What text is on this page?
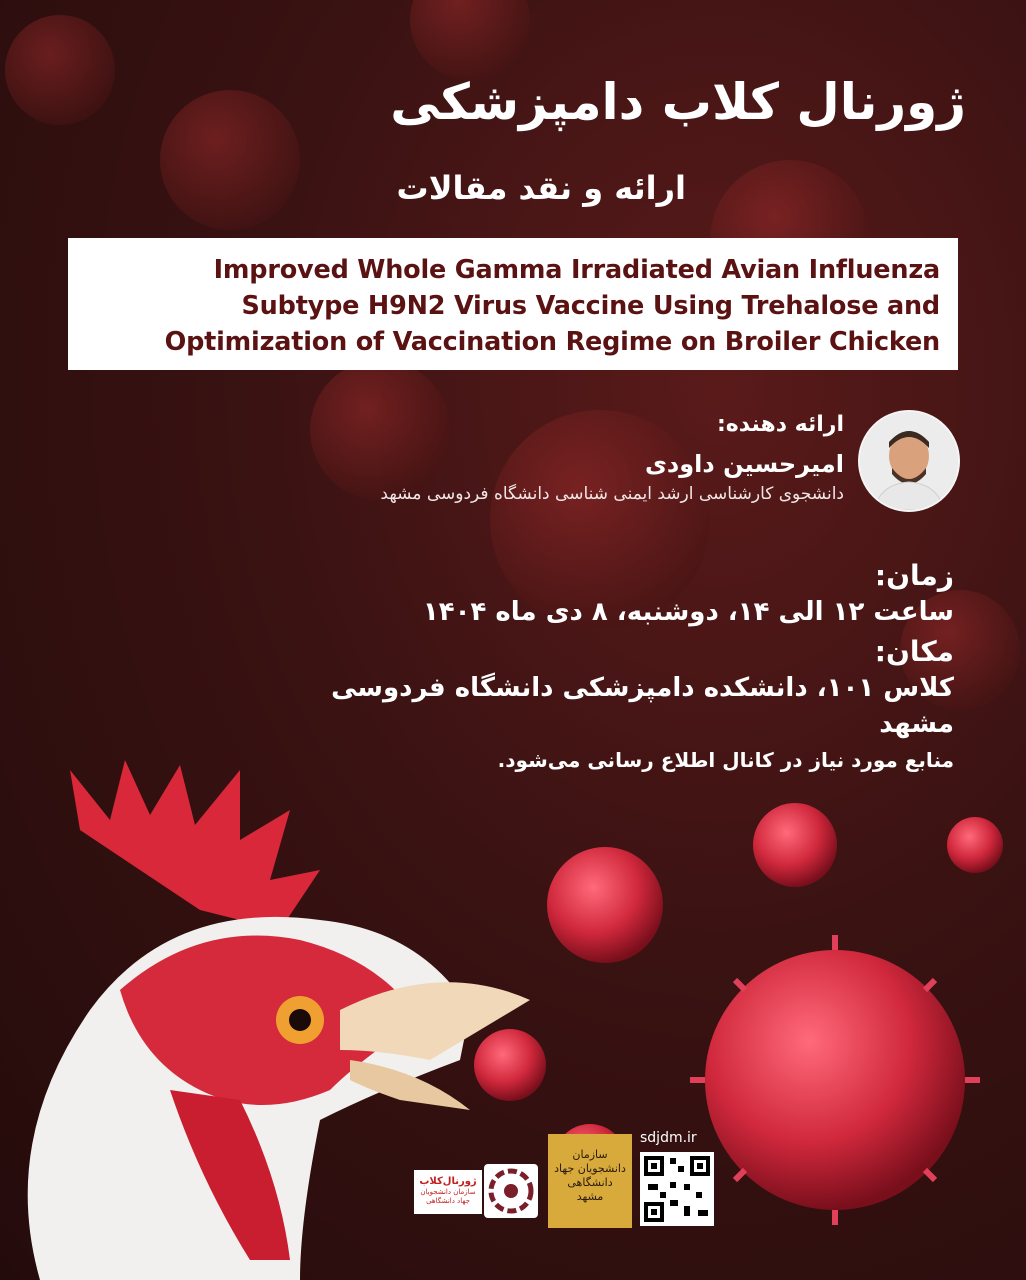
ژورنال کلاب دامپزشکی
ارائه و نقد مقالات
Improved Whole Gamma Irradiated Avian Influenza
Subtype H9N2 Virus Vaccine Using Trehalose and
Optimization of Vaccination Regime on Broiler Chicken
ارائه دهنده:
امیرحسین داودی
دانشجوی کارشناسی ارشد ایمنی شناسی دانشگاه فردوسی مشهد
زمان:
ساعت ۱۲ الی ۱۴، دوشنبه، ۸ دی ماه ۱۴۰۴
مکان:
کلاس ۱۰۱، دانشکده دامپزشکی دانشگاه فردوسی مشهد
منابع مورد نیاز در کانال اطلاع رسانی می‌شود.
ژورنال‌کلاب
سازمان دانشجویان جهاد دانشگاهی
سازمان دانشجویان جهاد دانشگاهی مشهد
sdjdm.ir
